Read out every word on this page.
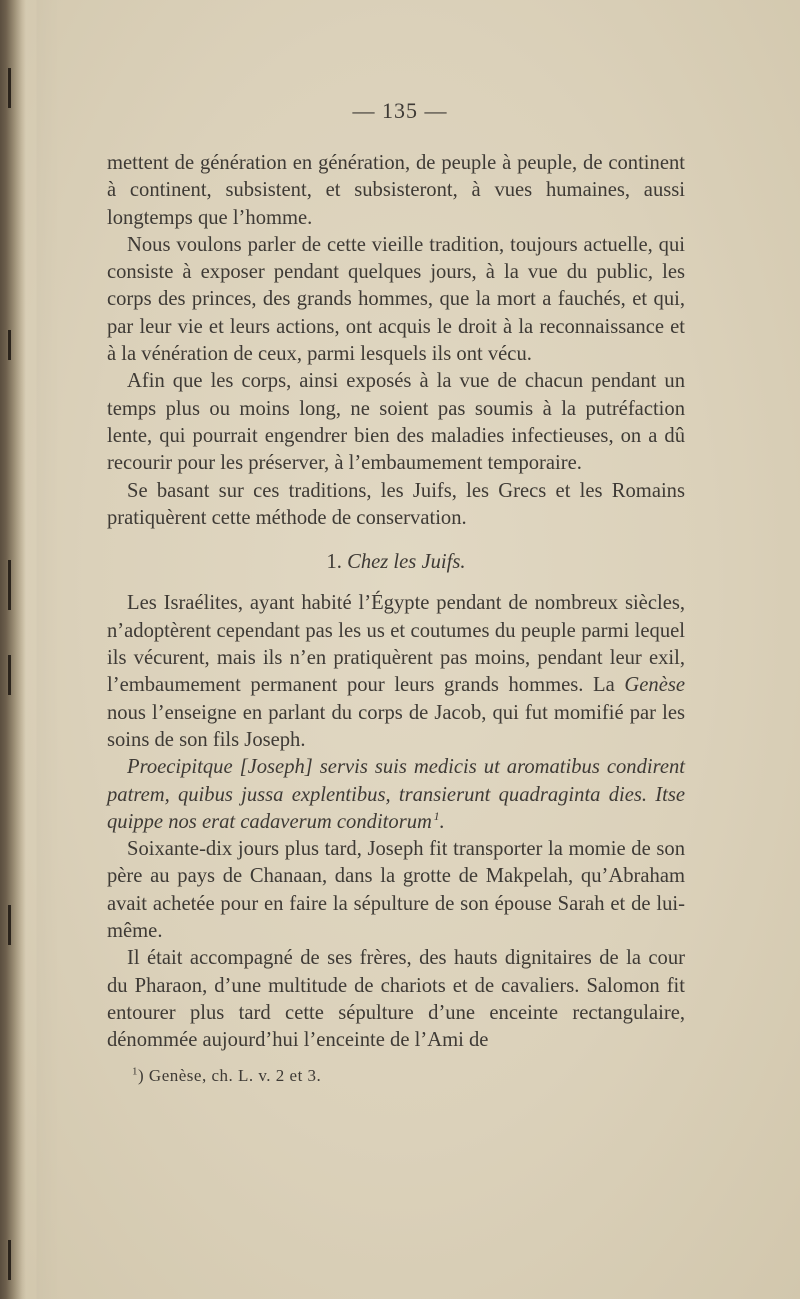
— 135 —

mettent de génération en génération, de peuple à peuple, de continent à continent, subsistent, et subsisteront, à vues humaines, aussi longtemps que l’homme.

Nous voulons parler de cette vieille tradition, toujours actuelle, qui consiste à exposer pendant quelques jours, à la vue du public, les corps des princes, des grands hommes, que la mort a fauchés, et qui, par leur vie et leurs actions, ont acquis le droit à la reconnaissance et à la vénération de ceux, parmi lesquels ils ont vécu.

Afin que les corps, ainsi exposés à la vue de chacun pendant un temps plus ou moins long, ne soient pas soumis à la putréfaction lente, qui pourrait engendrer bien des maladies infectieuses, on a dû recourir pour les préserver, à l’embaumement temporaire.

Se basant sur ces traditions, les Juifs, les Grecs et les Romains pratiquèrent cette méthode de conservation.

1. Chez les Juifs.

Les Israélites, ayant habité l’Égypte pendant de nombreux siècles, n’adoptèrent cependant pas les us et coutumes du peuple parmi lequel ils vécurent, mais ils n’en pratiquèrent pas moins, pendant leur exil, l’embaumement permanent pour leurs grands hommes. La Genèse nous l’enseigne en parlant du corps de Jacob, qui fut momifié par les soins de son fils Joseph.

Proecipitque [Joseph] servis suis medicis ut aromatibus condirent patrem, quibus jussa explentibus, transierunt quadraginta dies. Itse quippe nos erat cadaverum conditorum  $^1$.

Soixante-dix jours plus tard, Joseph fit transporter la momie de son père au pays de Chanaan, dans la grotte de Makpelah, qu’Abraham avait achetée pour en faire la sépulture de son épouse Sarah et de lui-même.

Il était accompagné de ses frères, des hauts dignitaires de la cour du Pharaon, d’une multitude de chariots et de cavaliers. Salomon fit entourer plus tard cette sépulture d’une enceinte rectangulaire, dénommée aujourd’hui l’enceinte de l’Ami de

$^1$) Genèse, ch. L. v. 2 et 3.
